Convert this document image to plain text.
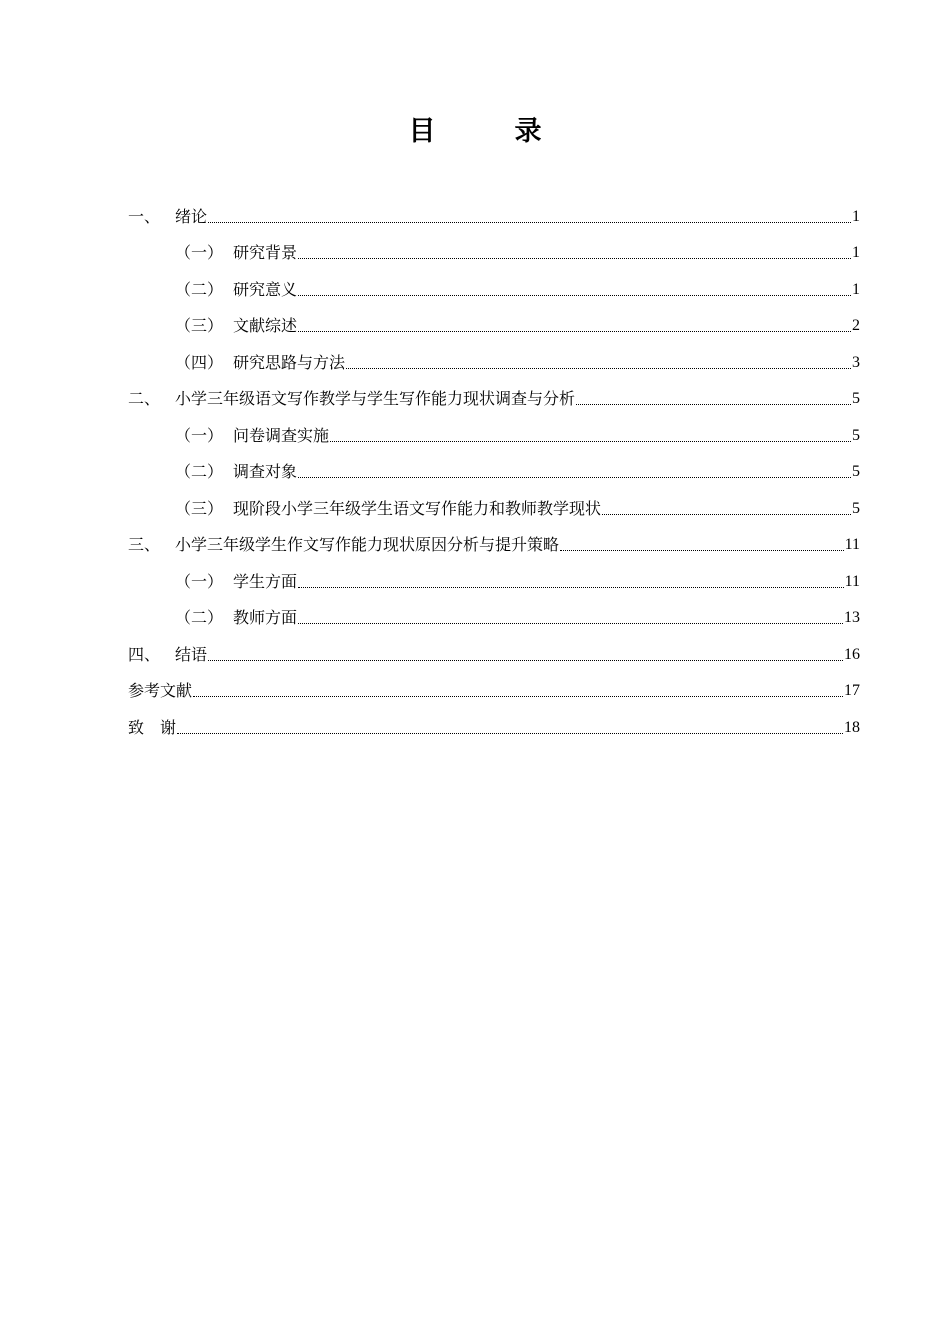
目　录
一、 绪论	1
（一） 研究背景	1
（二） 研究意义	1
（三） 文献综述	2
（四） 研究思路与方法	3
二、 小学三年级语文写作教学与学生写作能力现状调查与分析	5
（一） 问卷调查实施	5
（二） 调查对象	5
（三） 现阶段小学三年级学生语文写作能力和教师教学现状	5
三、 小学三年级学生作文写作能力现状原因分析与提升策略	11
（一） 学生方面	11
（二） 教师方面	13
四、 结语	16
参考文献	17
致　谢	18
